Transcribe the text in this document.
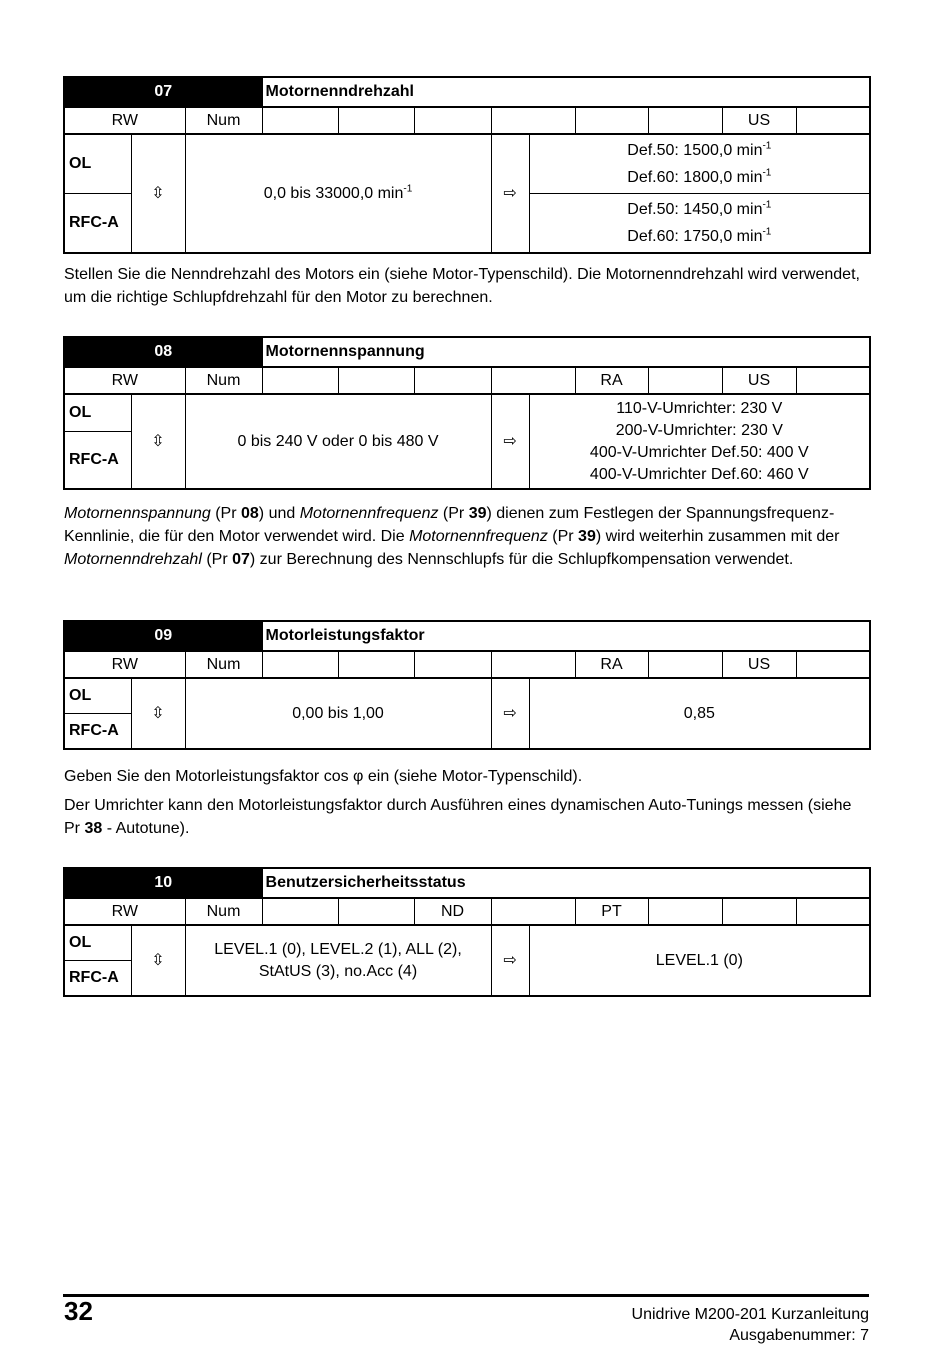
07			Motornenndrehzahl								
RW		Num								US	
OL	⇳	0,0 bis 33000,0 $\min^{-1}$				⇨	Def.50: 1500,0 $\min^{-1}$
Def.60: 1800,0 $\min^{-1}$

RFC-A							Def.50: 1450,0 $\min^{-1}$
Def.60: 1750,0 $\min^{-1}$

Stellen Sie die Nenndrehzahl des Motors ein (siehe Motor-Typenschild). Die Motornenndrehzahl wird verwendet, um die richtige Schlupfdrehzahl für den Motor zu berechnen.

08			Motornennspannung								
RW		Num						RA		US	
OL	⇳	0 bis 240 V oder 0 bis 480 V				⇨	110-V-Umrichter: 230 V
200-V-Umrichter: 230 V
400-V-Umrichter Def.50: 400 V
400-V-Umrichter Def.60: 460 V				

RFC-A											

Motornennspannung (Pr 08) und Motornennfrequenz (Pr 39) dienen zum Festlegen der Spannungsfrequenz-Kennlinie, die für den Motor verwendet wird. Die Motornennfrequenz (Pr 39) wird weiterhin zusammen mit der Motornenndrehzahl (Pr 07) zur Berechnung des Nennschlupfs für die Schlupfkompensation verwendet.

09			Motorleistungsfaktor								
RW		Num						RA		US	
OL	⇳	0,00 bis 1,00				⇨	0,85				
RFC-A											

Geben Sie den Motorleistungsfaktor cos φ ein (siehe Motor-Typenschild).

Der Umrichter kann den Motorleistungsfaktor durch Ausführen eines dynamischen Auto-Tunings messen (siehe Pr 38 - Autotune).

10			Benutzersicherheitsstatus								
RW		Num			ND			PT			
OL	⇳	LEVEL.1 (0), LEVEL.2 (1), ALL (2),
StAtUS (3), no.Acc (4)				⇨	LEVEL.1 (0)				
RFC-A											
32	Unidrive M200-201 Kurzanleitung
Ausgabenummer: 7
